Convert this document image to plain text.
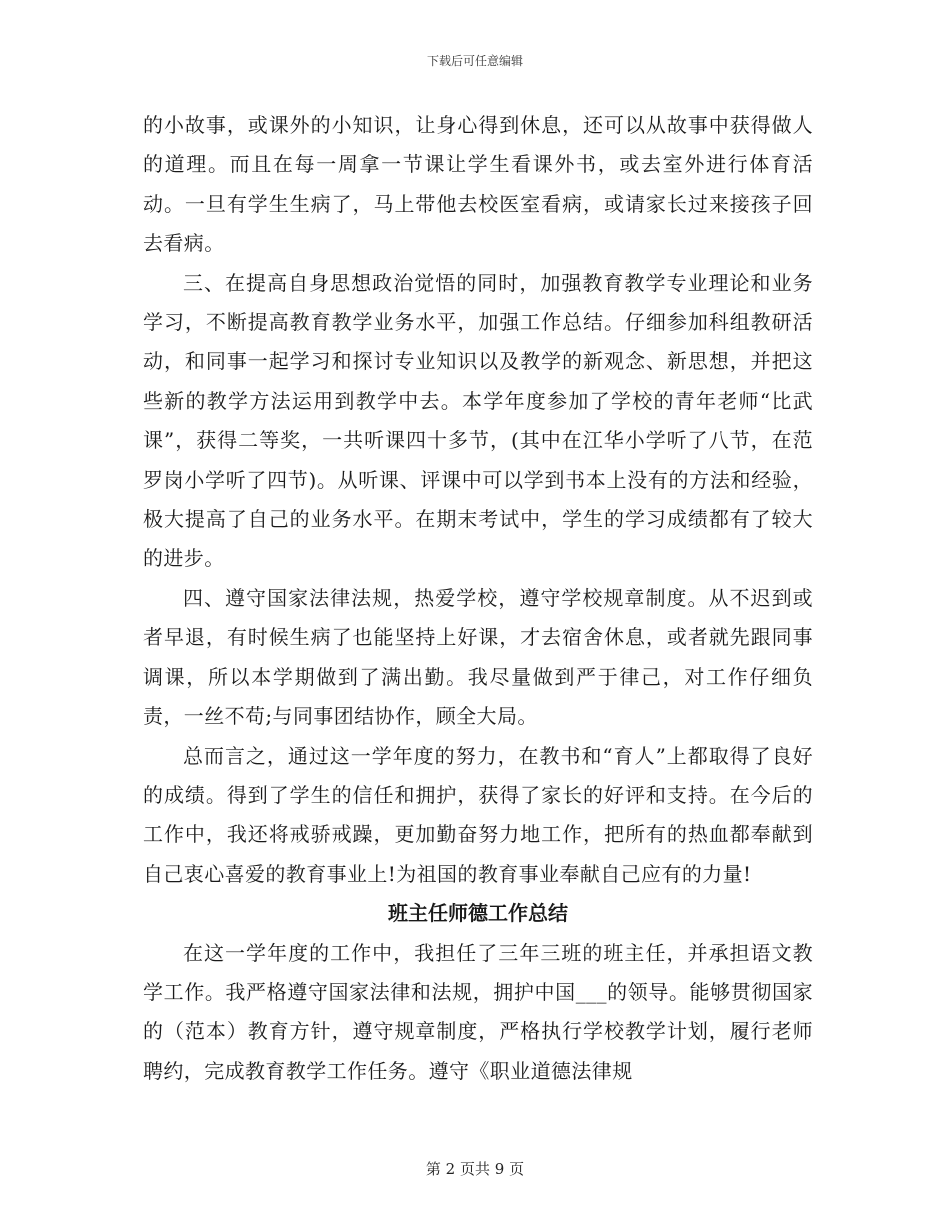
下载后可任意编辑

的小故事，或课外的小知识，让身心得到休息，还可以从故事中获得做人的道理。而且在每一周拿一节课让学生看课外书，或去室外进行体育活动。一旦有学生生病了，马上带他去校医室看病，或请家长过来接孩子回去看病。

三、在提高自身思想政治觉悟的同时，加强教育教学专业理论和业务学习，不断提高教育教学业务水平，加强工作总结。仔细参加科组教研活动，和同事一起学习和探讨专业知识以及教学的新观念、新思想，并把这些新的教学方法运用到教学中去。本学年度参加了学校的青年老师“比武课”，获得二等奖，一共听课四十多节，(其中在江华小学听了八节，在范罗岗小学听了四节)。从听课、评课中可以学到书本上没有的方法和经验，极大提高了自己的业务水平。在期末考试中，学生的学习成绩都有了较大的进步。

四、遵守国家法律法规，热爱学校，遵守学校规章制度。从不迟到或者早退，有时候生病了也能坚持上好课，才去宿舍休息，或者就先跟同事调课，所以本学期做到了满出勤。我尽量做到严于律己，对工作仔细负责，一丝不苟;与同事团结协作，顾全大局。

总而言之，通过这一学年度的努力，在教书和“育人”上都取得了良好的成绩。得到了学生的信任和拥护，获得了家长的好评和支持。在今后的工作中，我还将戒骄戒躁，更加勤奋努力地工作，把所有的热血都奉献到自己衷心喜爱的教育事业上!为祖国的教育事业奉献自己应有的力量!

班主任师德工作总结

在这一学年度的工作中，我担任了三年三班的班主任，并承担语文教学工作。我严格遵守国家法律和法规，拥护中国___的领导。能够贯彻国家的（范本）教育方针，遵守规章制度，严格执行学校教学计划，履行老师聘约，完成教育教学工作任务。遵守《职业道德法律规

第 2 页共 9 页
